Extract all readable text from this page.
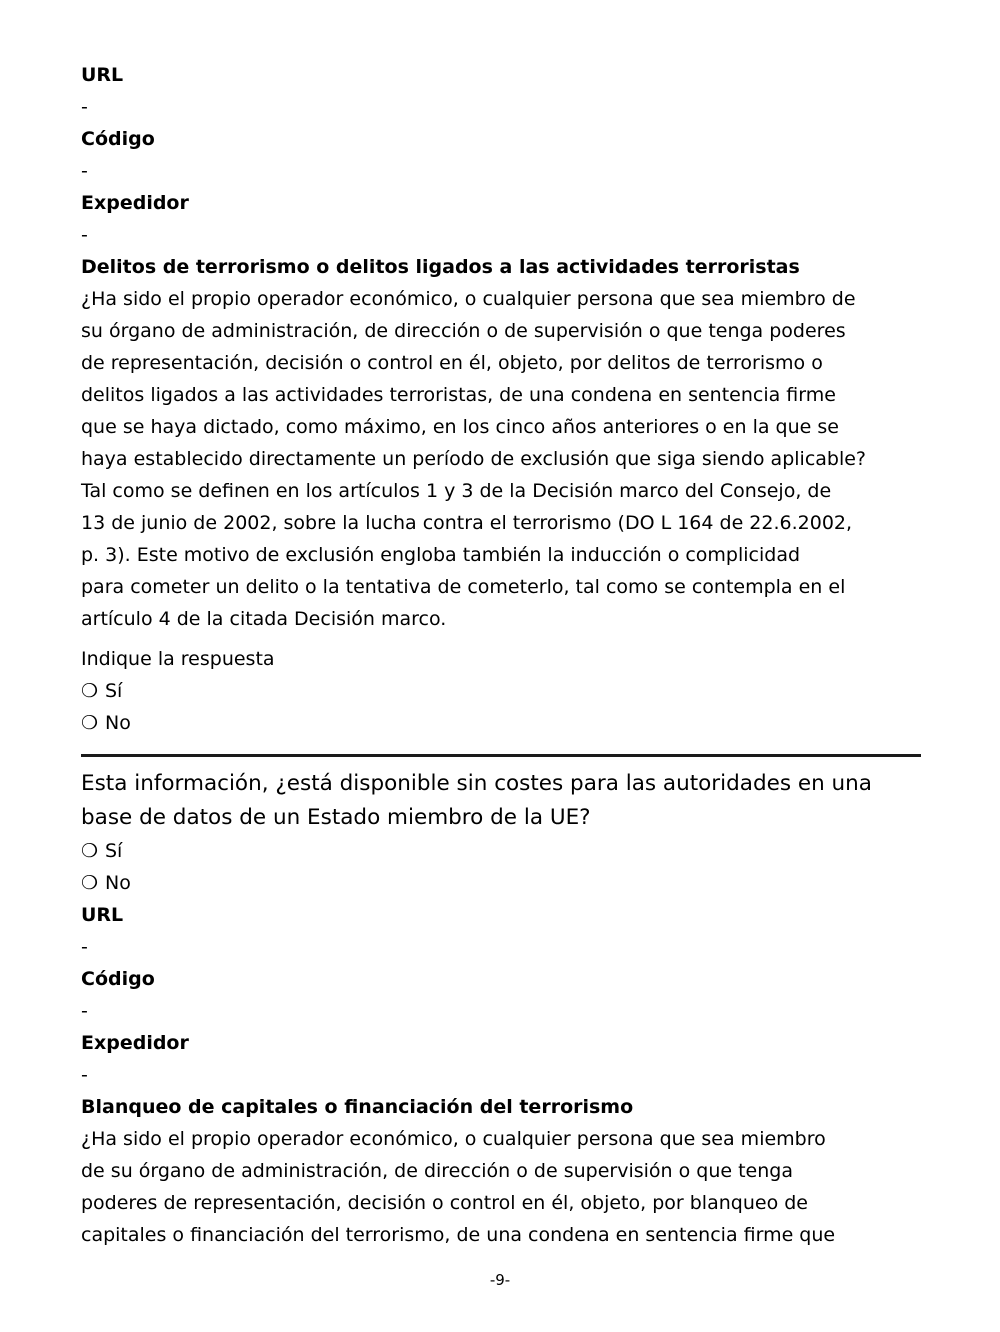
URL
-
Código
-
Expedidor
-
Delitos de terrorismo o delitos ligados a las actividades terroristas
¿Ha sido el propio operador económico, o cualquier persona que sea miembro de
su órgano de administración, de dirección o de supervisión o que tenga poderes
de representación, decisión o control en él, objeto, por delitos de terrorismo o
delitos ligados a las actividades terroristas, de una condena en sentencia firme
que se haya dictado, como máximo, en los cinco años anteriores o en la que se
haya establecido directamente un período de exclusión que siga siendo aplicable?
Tal como se definen en los artículos 1 y 3 de la Decisión marco del Consejo, de
13 de junio de 2002, sobre la lucha contra el terrorismo (DO L 164 de 22.6.2002,
p. 3). Este motivo de exclusión engloba también la inducción o complicidad
para cometer un delito o la tentativa de cometerlo, tal como se contempla en el
artículo 4 de la citada Decisión marco.
Indique la respuesta
❍ Sí
❍ No
Esta información, ¿está disponible sin costes para las autoridades en una
base de datos de un Estado miembro de la UE?
❍ Sí
❍ No
URL
-
Código
-
Expedidor
-
Blanqueo de capitales o financiación del terrorismo
¿Ha sido el propio operador económico, o cualquier persona que sea miembro
de su órgano de administración, de dirección o de supervisión o que tenga
poderes de representación, decisión o control en él, objeto, por blanqueo de
capitales o financiación del terrorismo, de una condena en sentencia firme que
-9-
